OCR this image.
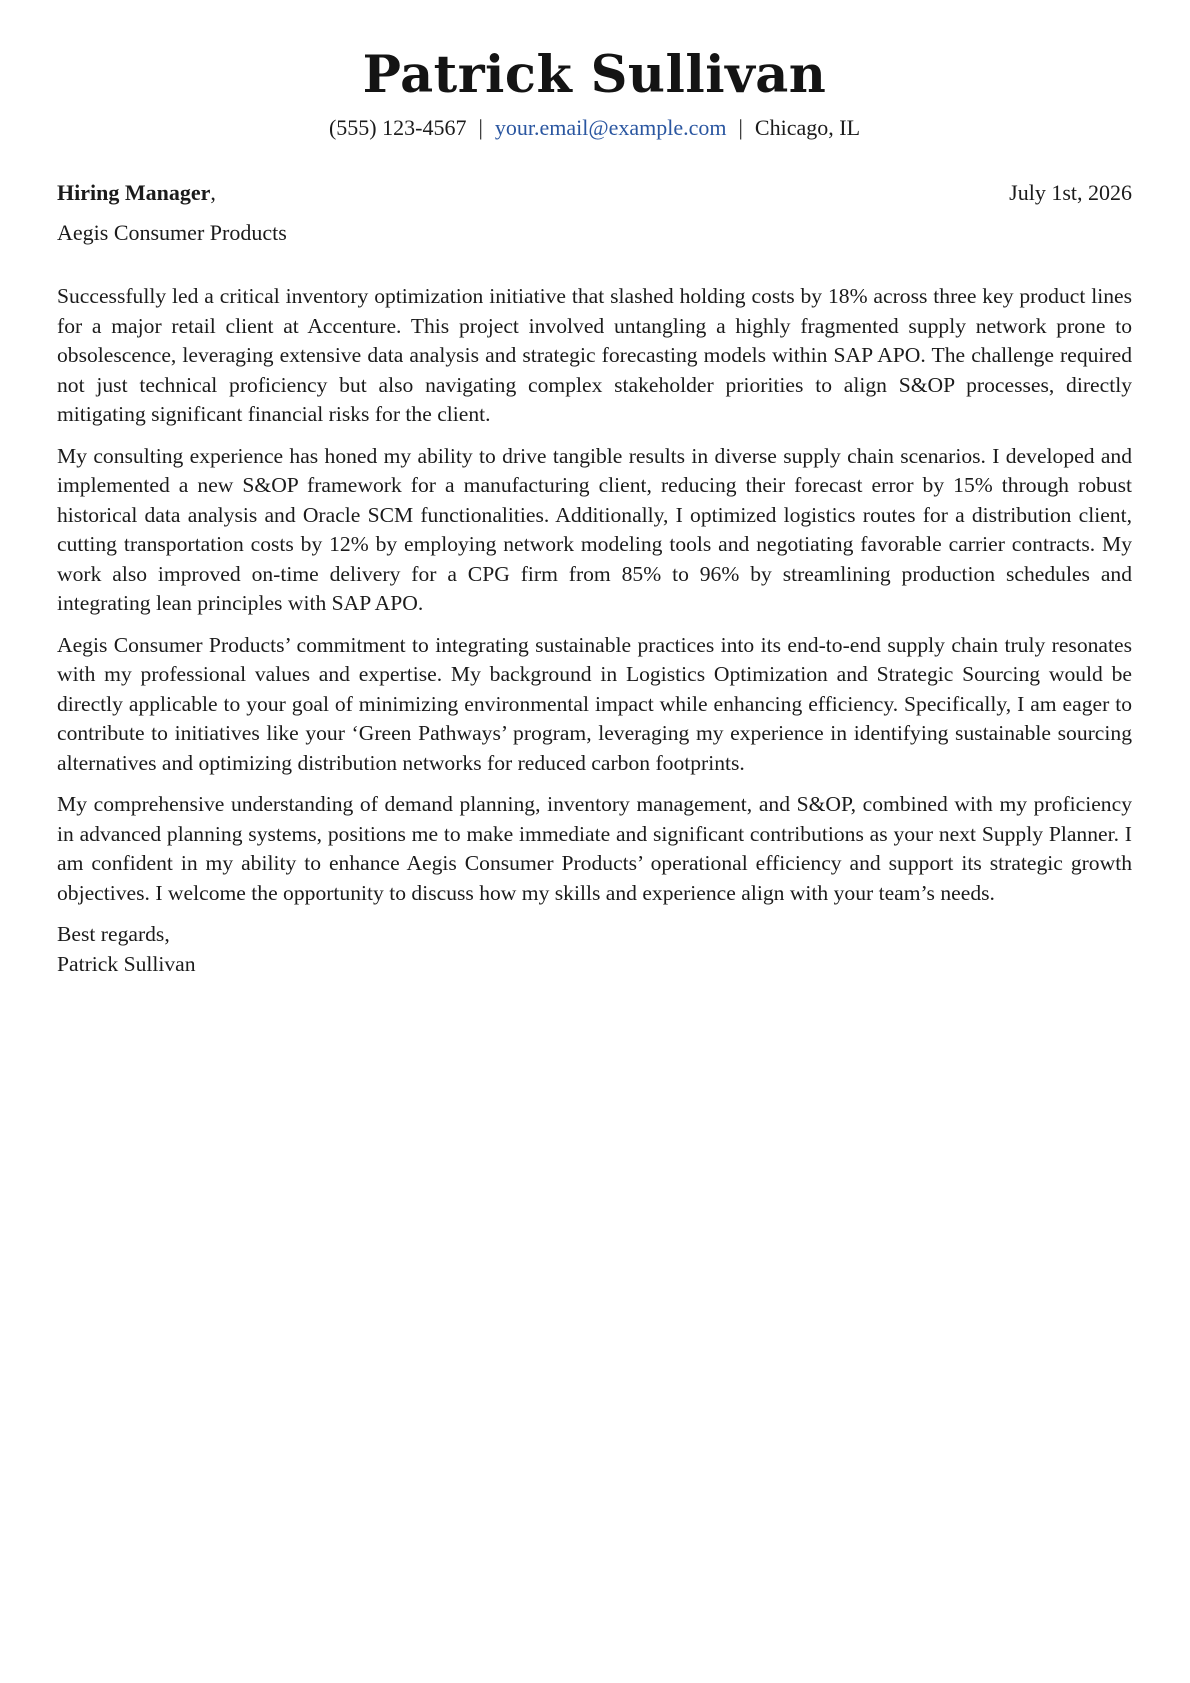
Patrick Sullivan
(555) 123-4567 | your.email@example.com | Chicago, IL
Hiring Manager,	July 1st, 2026
Aegis Consumer Products

Successfully led a critical inventory optimization initiative that slashed holding costs by 18% across three key product lines for a major retail client at Accenture. This project involved untangling a highly fragmented supply network prone to obsolescence, leveraging extensive data analysis and strategic forecasting models within SAP APO. The challenge required not just technical proficiency but also navigating complex stakeholder priorities to align S&OP processes, directly mitigating significant financial risks for the client.

My consulting experience has honed my ability to drive tangible results in diverse supply chain scenarios. I developed and implemented a new S&OP framework for a manufacturing client, reducing their forecast error by 15% through robust historical data analysis and Oracle SCM functionalities. Additionally, I optimized logistics routes for a distribution client, cutting transportation costs by 12% by employing network modeling tools and negotiating favorable carrier contracts. My work also improved on-time delivery for a CPG firm from 85% to 96% by streamlining production schedules and integrating lean principles with SAP APO.

Aegis Consumer Products’ commitment to integrating sustainable practices into its end-to-end supply chain truly resonates with my professional values and expertise. My background in Logistics Optimization and Strategic Sourcing would be directly applicable to your goal of minimizing environmental impact while enhancing efficiency. Specifically, I am eager to contribute to initiatives like your ‘Green Pathways’ program, leveraging my experience in identifying sustainable sourcing alternatives and optimizing distribution networks for reduced carbon footprints.

My comprehensive understanding of demand planning, inventory management, and S&OP, combined with my proficiency in advanced planning systems, positions me to make immediate and significant contributions as your next Supply Planner. I am confident in my ability to enhance Aegis Consumer Products’ operational efficiency and support its strategic growth objectives. I welcome the opportunity to discuss how my skills and experience align with your team’s needs.

Best regards,
Patrick Sullivan
